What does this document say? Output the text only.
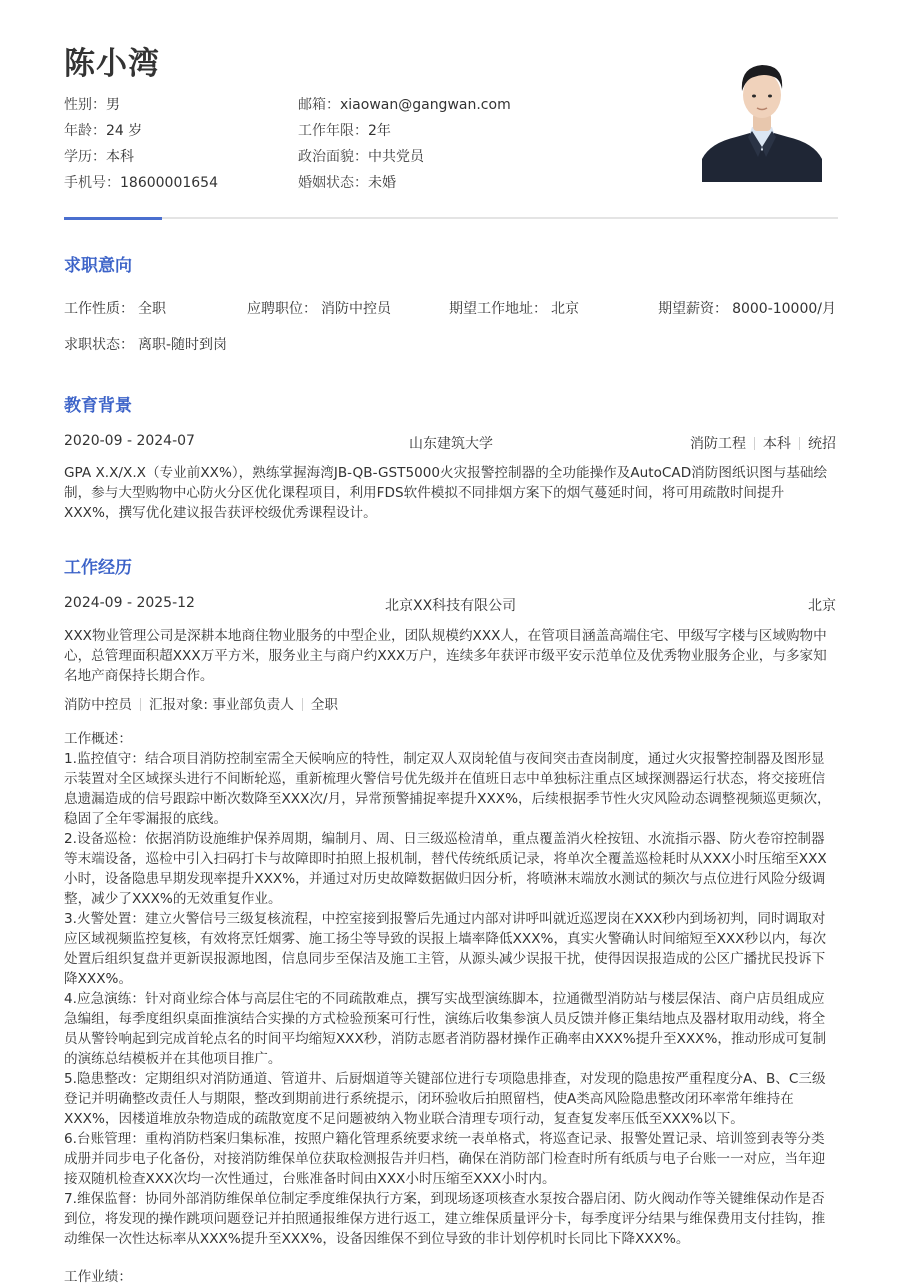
陈小湾
性别：男
年龄：24 岁
学历：本科
手机号：18600001654
邮箱：xiaowan@gangwan.com
工作年限：2年
政治面貌：中共党员
婚姻状态：未婚
求职意向
工作性质： 全职	应聘职位： 消防中控员	期望工作地址： 北京	期望薪资： 8000-10000/月
求职状态： 离职-随时到岗
教育背景
2020-09 - 2024-07	山东建筑大学	消防工程 本科 统招
GPA X.X/X.X（专业前XX%），熟练掌握海湾JB-QB-GST5000火灾报警控制器的全功能操作及AutoCAD消防图纸识图与基础绘制，参与大型购物中心防火分区优化课程项目，利用FDS软件模拟不同排烟方案下的烟气蔓延时间，将可用疏散时间提升XXX%，撰写优化建议报告获评校级优秀课程设计。
工作经历
2024-09 - 2025-12	北京XX科技有限公司	北京
XXX物业管理公司是深耕本地商住物业服务的中型企业，团队规模约XXX人，在管项目涵盖高端住宅、甲级写字楼与区域购物中心，总管理面积超XXX万平方米，服务业主与商户约XXX万户，连续多年获评市级平安示范单位及优秀物业服务企业，与多家知名地产商保持长期合作。
消防中控员 汇报对象: 事业部负责人 全职
工作概述：
1.监控值守：结合项目消防控制室需全天候响应的特性，制定双人双岗轮值与夜间突击查岗制度，通过火灾报警控制器及图形显示装置对全区域探头进行不间断轮巡，重新梳理火警信号优先级并在值班日志中单独标注重点区域探测器运行状态，将交接班信息遗漏造成的信号跟踪中断次数降至XXX次/月，异常预警捕捉率提升XXX%，后续根据季节性火灾风险动态调整视频巡更频次，稳固了全年零漏报的底线。
2.设备巡检：依据消防设施维护保养周期，编制月、周、日三级巡检清单，重点覆盖消火栓按钮、水流指示器、防火卷帘控制器等末端设备，巡检中引入扫码打卡与故障即时拍照上报机制，替代传统纸质记录，将单次全覆盖巡检耗时从XXX小时压缩至XXX小时，设备隐患早期发现率提升XXX%，并通过对历史故障数据做归因分析，将喷淋末端放水测试的频次与点位进行风险分级调整，减少了XXX%的无效重复作业。
3.火警处置：建立火警信号三级复核流程，中控室接到报警后先通过内部对讲呼叫就近巡逻岗在XXX秒内到场初判，同时调取对应区域视频监控复核，有效将烹饪烟雾、施工扬尘等导致的误报上墙率降低XXX%，真实火警确认时间缩短至XXX秒以内，每次处置后组织复盘并更新误报源地图，信息同步至保洁及施工主管，从源头减少误报干扰，使得因误报造成的公区广播扰民投诉下降XXX%。
4.应急演练：针对商业综合体与高层住宅的不同疏散难点，撰写实战型演练脚本，拉通微型消防站与楼层保洁、商户店员组成应急编组，每季度组织桌面推演结合实操的方式检验预案可行性，演练后收集参演人员反馈并修正集结地点及器材取用动线，将全员从警铃响起到完成首轮点名的时间平均缩短XXX秒，消防志愿者消防器材操作正确率由XXX%提升至XXX%，推动形成可复制的演练总结模板并在其他项目推广。
5.隐患整改：定期组织对消防通道、管道井、后厨烟道等关键部位进行专项隐患排查，对发现的隐患按严重程度分A、B、C三级登记并明确整改责任人与期限，整改到期前进行系统提示，闭环验收后拍照留档，使A类高风险隐患整改闭环率常年维持在XXX%，因楼道堆放杂物造成的疏散宽度不足问题被纳入物业联合清理专项行动，复查复发率压低至XXX%以下。
6.台账管理：重构消防档案归集标准，按照户籍化管理系统要求统一表单格式，将巡查记录、报警处置记录、培训签到表等分类成册并同步电子化备份，对接消防维保单位获取检测报告并归档，确保在消防部门检查时所有纸质与电子台账一一对应，当年迎接双随机检查XXX次均一次性通过，台账准备时间由XXX小时压缩至XXX小时内。
7.维保监督：协同外部消防维保单位制定季度维保执行方案，到现场逐项核查水泵按合器启闭、防火阀动作等关键维保动作是否到位，将发现的操作跳项问题登记并拍照通报维保方进行返工，建立维保质量评分卡，每季度评分结果与维保费用支付挂钩，推动维保一次性达标率从XXX%提升至XXX%，设备因维保不到位导致的非计划停机时长同比下降XXX%。
工作业绩：
